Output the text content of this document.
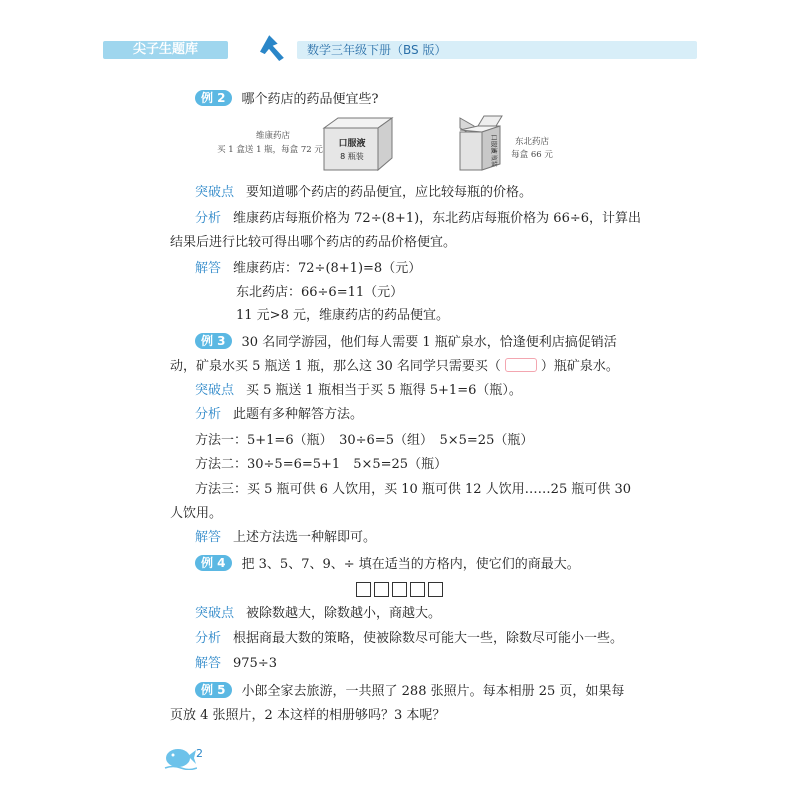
尖子生题库	数学三年级下册（BS 版）
例 2 哪个药店的药品便宜些?
维康药店
买 1 盒送 1 瓶，每盒 72 元
口服液
8 瓶装
口服液
6 瓶装
东北药店
每盒 66 元
突破点 要知道哪个药店的药品便宜，应比较每瓶的价格。
分析 维康药店每瓶价格为 72÷(8+1)，东北药店每瓶价格为 66÷6，计算出
结果后进行比较可得出哪个药店的药品价格便宜。
解答 维康药店：72÷(8+1)=8（元）
东北药店：66÷6=11（元）
11 元>8 元，维康药店的药品便宜。
例 3 30 名同学游园，他们每人需要 1 瓶矿泉水，恰逢便利店搞促销活
动，矿泉水买 5 瓶送 1 瓶，那么这 30 名同学只需要买（	）瓶矿泉水。
突破点 买 5 瓶送 1 瓶相当于买 5 瓶得 5+1=6（瓶）。
分析 此题有多种解答方法。
方法一：5+1=6（瓶）　30÷6=5（组）　5×5=25（瓶）
方法二：30÷5=6=5+1　5×5=25（瓶）
方法三：买 5 瓶可供 6 人饮用，买 10 瓶可供 12 人饮用……25 瓶可供 30
人饮用。
解答 上述方法选一种解即可。
例 4 把 3、5、7、9、÷ 填在适当的方格内，使它们的商最大。
突破点 被除数越大，除数越小，商越大。
分析 根据商最大数的策略，使被除数尽可能大一些，除数尽可能小一些。
解答 975÷3
例 5 小郎全家去旅游，一共照了 288 张照片。每本相册 25 页，如果每
页放 4 张照片，2 本这样的相册够吗？3 本呢？
2
